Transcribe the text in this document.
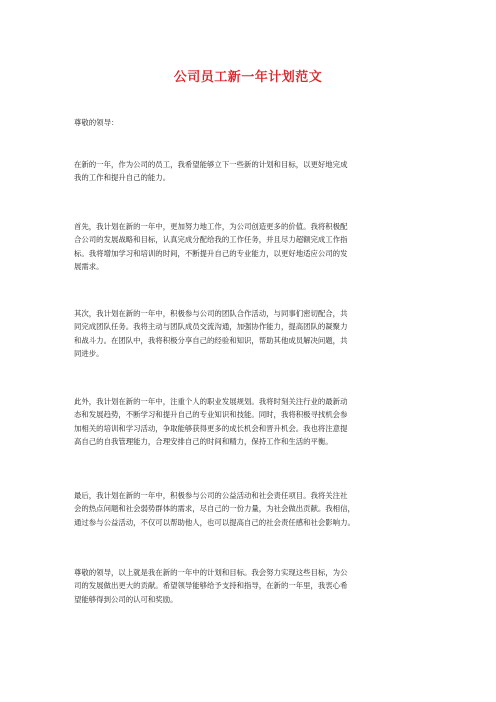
公司员工新一年计划范文

尊敬的领导：

在新的一年，作为公司的员工，我希望能够立下一些新的计划和目标，以更好地完成
我的工作和提升自己的能力。

首先，我计划在新的一年中，更加努力地工作，为公司创造更多的价值。我将积极配
合公司的发展战略和目标，认真完成分配给我的工作任务，并且尽力超额完成工作指
标。我将增加学习和培训的时间，不断提升自己的专业能力，以更好地适应公司的发
展需求。

其次，我计划在新的一年中，积极参与公司的团队合作活动，与同事们密切配合，共
同完成团队任务。我将主动与团队成员交流沟通，加强协作能力，提高团队的凝聚力
和战斗力。在团队中，我将积极分享自己的经验和知识，帮助其他成员解决问题，共
同进步。

此外，我计划在新的一年中，注重个人的职业发展规划。我将时刻关注行业的最新动
态和发展趋势，不断学习和提升自己的专业知识和技能。同时，我将积极寻找机会参
加相关的培训和学习活动，争取能够获得更多的成长机会和晋升机会。我也将注意提
高自己的自我管理能力，合理安排自己的时间和精力，保持工作和生活的平衡。

最后，我计划在新的一年中，积极参与公司的公益活动和社会责任项目。我将关注社
会的热点问题和社会弱势群体的需求，尽自己的一份力量，为社会做出贡献。我相信，
通过参与公益活动，不仅可以帮助他人，也可以提高自己的社会责任感和社会影响力。

尊敬的领导，以上就是我在新的一年中的计划和目标。我会努力实现这些目标，为公
司的发展做出更大的贡献。希望领导能够给予支持和指导，在新的一年里，我衷心希
望能够得到公司的认可和奖励。
